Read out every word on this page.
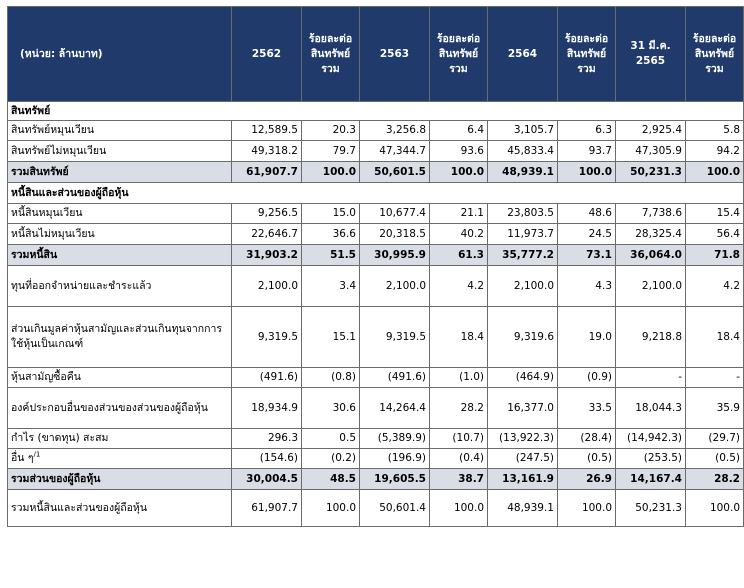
(หน่วย: ล้านบาท)	2562	ร้อยละต่อสินทรัพย์รวม	2563	ร้อยละต่อสินทรัพย์รวม	2564	ร้อยละต่อสินทรัพย์รวม	31 มี.ค. 2565	ร้อยละต่อสินทรัพย์รวม
สินทรัพย์								
สินทรัพย์หมุนเวียน	12,589.5	20.3	3,256.8	6.4	3,105.7	6.3	2,925.4	5.8
สินทรัพย์ไม่หมุนเวียน	49,318.2	79.7	47,344.7	93.6	45,833.4	93.7	47,305.9	94.2
รวมสินทรัพย์	61,907.7	100.0	50,601.5	100.0	48,939.1	100.0	50,231.3	100.0
หนี้สินและส่วนของผู้ถือหุ้น								
หนี้สินหมุนเวียน	9,256.5	15.0	10,677.4	21.1	23,803.5	48.6	7,738.6	15.4
หนี้สินไม่หมุนเวียน	22,646.7	36.6	20,318.5	40.2	11,973.7	24.5	28,325.4	56.4
รวมหนี้สิน	31,903.2	51.5	30,995.9	61.3	35,777.2	73.1	36,064.0	71.8
ทุนที่ออกจำหน่ายและชำระแล้ว	2,100.0	3.4	2,100.0	4.2	2,100.0	4.3	2,100.0	4.2
ส่วนเกินมูลค่าหุ้นสามัญและส่วนเกินทุนจากการใช้หุ้นเป็นเกณฑ์	9,319.5	15.1	9,319.5	18.4	9,319.6	19.0	9,218.8	18.4
หุ้นสามัญซื้อคืน	(491.6)	(0.8)	(491.6)	(1.0)	(464.9)	(0.9)	-	-
องค์ประกอบอื่นของส่วนของส่วนของผู้ถือหุ้น	18,934.9	30.6	14,264.4	28.2	16,377.0	33.5	18,044.3	35.9
กำไร (ขาดทุน) สะสม	296.3	0.5	(5,389.9)	(10.7)	(13,922.3)	(28.4)	(14,942.3)	(29.7)
อื่น ๆ$^{/1}$	(154.6)	(0.2)	(196.9)	(0.4)	(247.5)	(0.5)	(253.5)	(0.5)
รวมส่วนของผู้ถือหุ้น	30,004.5	48.5	19,605.5	38.7	13,161.9	26.9	14,167.4	28.2
รวมหนี้สินและส่วนของผู้ถือหุ้น	61,907.7	100.0	50,601.4	100.0	48,939.1	100.0	50,231.3	100.0
